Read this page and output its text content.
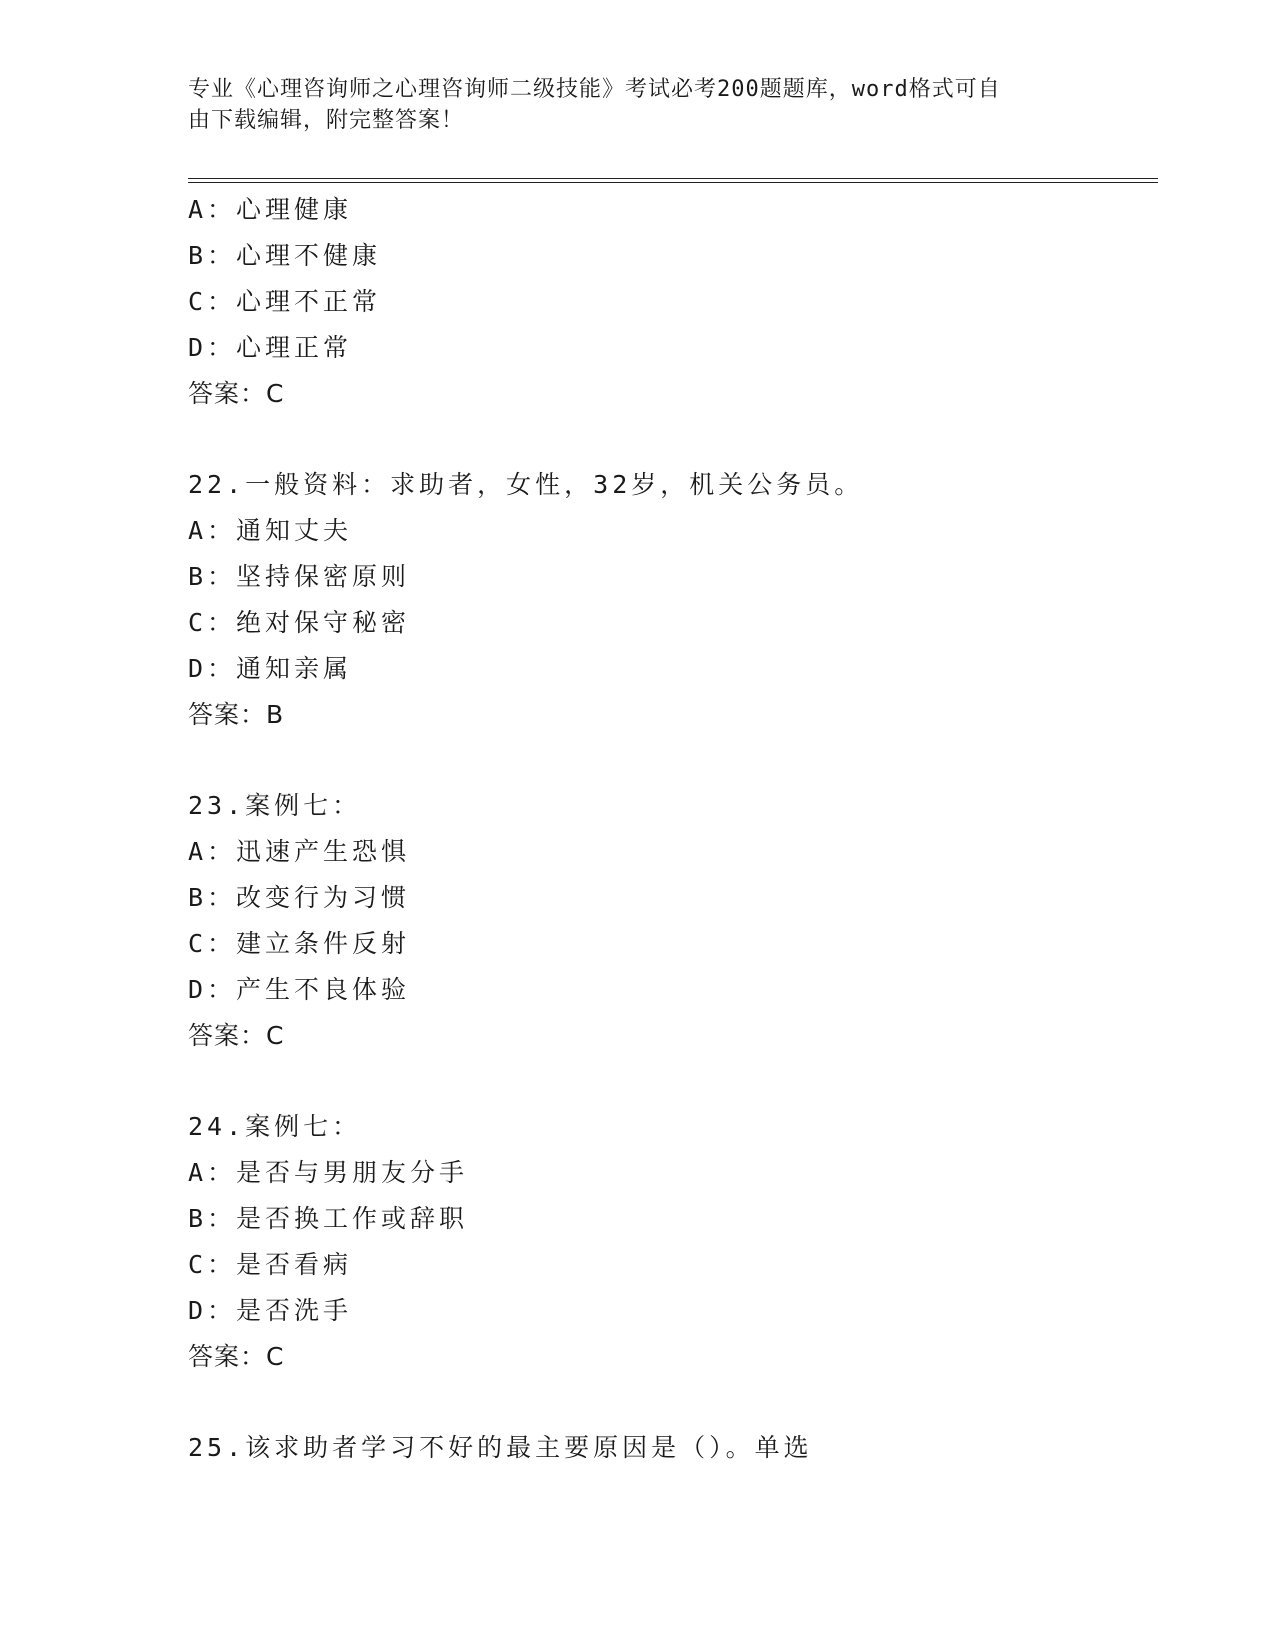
专业《心理咨询师之心理咨询师二级技能》考试必考200题题库，word格式可自
由下载编辑，附完整答案！
A：心理健康
B：心理不健康
C：心理不正常
D：心理正常
答案：C
22.一般资料：求助者，女性，32岁，机关公务员。
A：通知丈夫
B：坚持保密原则
C：绝对保守秘密
D：通知亲属
答案：B
23.案例七：
A：迅速产生恐惧
B：改变行为习惯
C：建立条件反射
D：产生不良体验
答案：C
24.案例七：
A：是否与男朋友分手
B：是否换工作或辞职
C：是否看病
D：是否洗手
答案：C
25.该求助者学习不好的最主要原因是（）。单选
